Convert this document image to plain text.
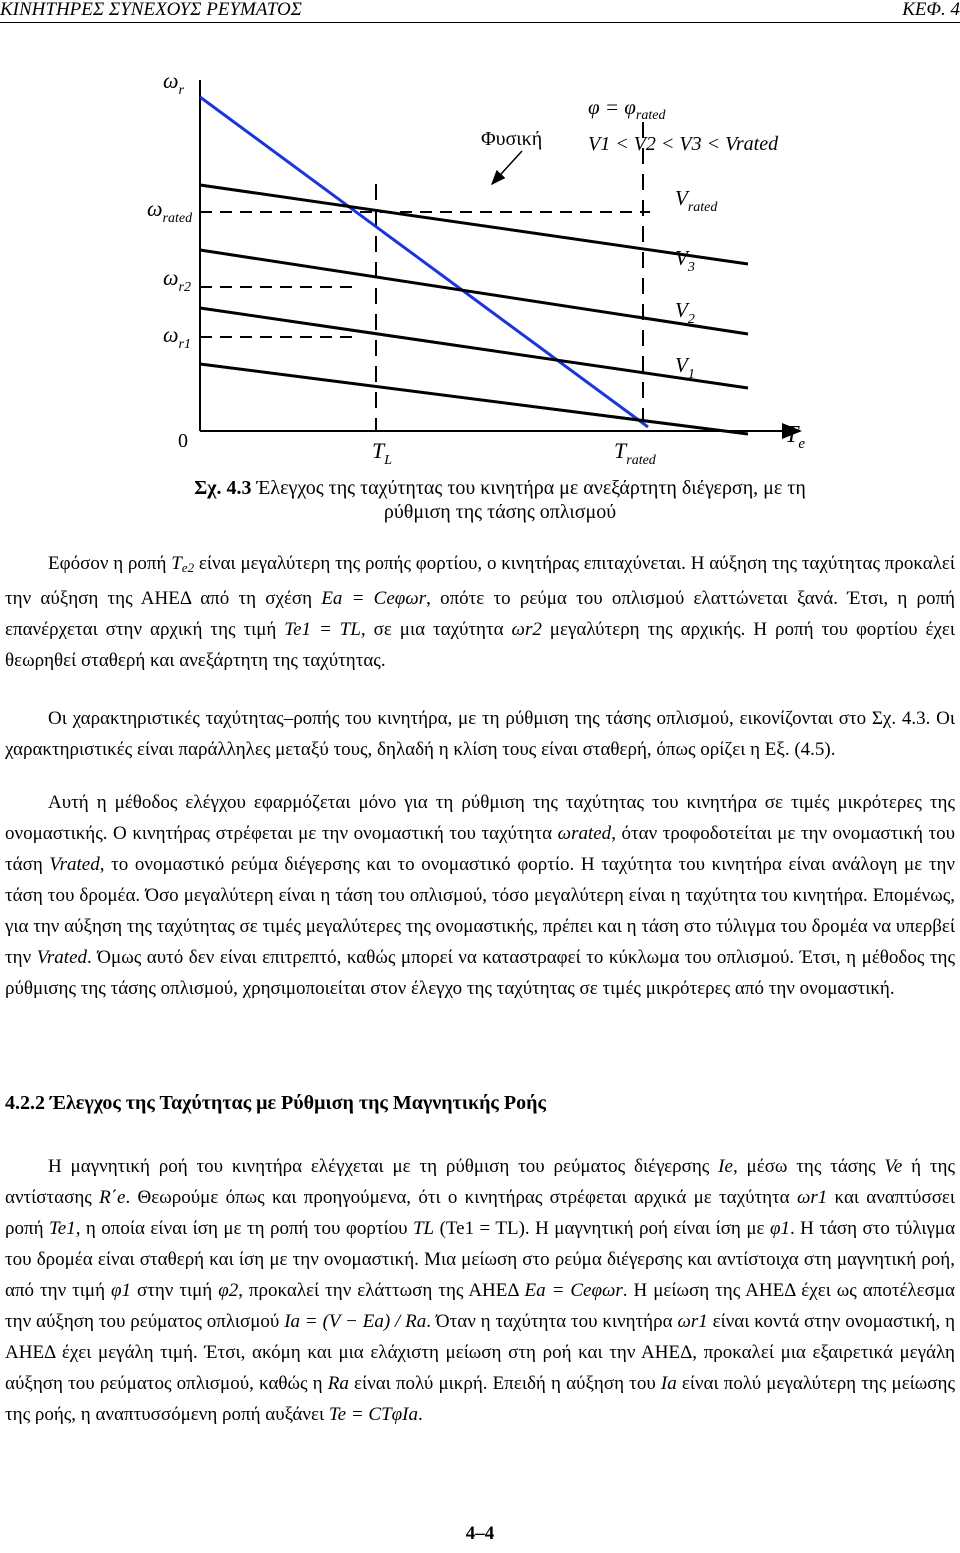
ΚΙΝΗΤΗΡΕΣ ΣΥΝΕΧΟΥΣ ΡΕΥΜΑΤΟΣ	ΚΕΦ. 4
$\omega_r$
$\omega_{rated}$
$\omega_{r2}$
$\omega_{r1}$
0	$T_L$	$T_{rated}$
$T_e$
$\varphi = \varphi_{rated}$
V1 < V2 < V3 < Vrated
Φυσική
$V_{rated}$
$V_3$
$V_2$
$V_1$
Σχ. 4.3 Έλεγχος της ταχύτητας του κινητήρα με ανεξάρτητη διέγερση, με τη ρύθμιση της τάσης οπλισμού

Εφόσον η ροπή $T_{e2}$ είναι μεγαλύτερη της ροπής φορτίου, ο κινητήρας επιταχύνεται. Η αύξηση της ταχύτητας προκαλεί την αύξηση της ΑΗΕΔ από τη σχέση Ea = Ceφωr, οπότε το ρεύμα του οπλισμού ελαττώνεται ξανά. Έτσι, η ροπή επανέρχεται στην αρχική της τιμή Te1 = TL, σε μια ταχύτητα ωr2 μεγαλύτερη της αρχικής. Η ροπή του φορτίου έχει θεωρηθεί σταθερή και ανεξάρτητη της ταχύτητας.

Οι χαρακτηριστικές ταχύτητας–ροπής του κινητήρα, με τη ρύθμιση της τάσης οπλισμού, εικονίζονται στο Σχ. 4.3. Οι χαρακτηριστικές είναι παράλληλες μεταξύ τους, δηλαδή η κλίση τους είναι σταθερή, όπως ορίζει η Εξ. (4.5).

Αυτή η μέθοδος ελέγχου εφαρμόζεται μόνο για τη ρύθμιση της ταχύτητας του κινητήρα σε τιμές μικρότερες της ονομαστικής. Ο κινητήρας στρέφεται με την ονομαστική του ταχύτητα ωrated, όταν τροφοδοτείται με την ονομαστική του τάση Vrated, το ονομαστικό ρεύμα διέγερσης και το ονομαστικό φορτίο. Η ταχύτητα του κινητήρα είναι ανάλογη με την τάση του δρομέα. Όσο μεγαλύτερη είναι η τάση του οπλισμού, τόσο μεγαλύτερη είναι η ταχύτητα του κινητήρα. Επομένως, για την αύξηση της ταχύτητας σε τιμές μεγαλύτερες της ονομαστικής, πρέπει και η τάση στο τύλιγμα του δρομέα να υπερβεί την Vrated. Όμως αυτό δεν είναι επιτρεπτό, καθώς μπορεί να καταστραφεί το κύκλωμα του οπλισμού. Έτσι, η μέθοδος της ρύθμισης της τάσης οπλισμού, χρησιμοποιείται στον έλεγχο της ταχύτητας σε τιμές μικρότερες από την ονομαστική.

4.2.2 Έλεγχος της Ταχύτητας με Ρύθμιση της Μαγνητικής Ροής

Η μαγνητική ροή του κινητήρα ελέγχεται με τη ρύθμιση του ρεύματος διέγερσης Ie, μέσω της τάσης Ve ή της αντίστασης R΄e. Θεωρούμε όπως και προηγούμενα, ότι ο κινητήρας στρέφεται αρχικά με ταχύτητα ωr1 και αναπτύσσει ροπή Te1, η οποία είναι ίση με τη ροπή του φορτίου TL (Te1 = TL). Η μαγνητική ροή είναι ίση με φ1. Η τάση στο τύλιγμα του δρομέα είναι σταθερή και ίση με την ονομαστική. Μια μείωση στο ρεύμα διέγερσης και αντίστοιχα στη μαγνητική ροή, από την τιμή φ1 στην τιμή φ2, προκαλεί την ελάττωση της ΑΗΕΔ Ea = Ceφωr. Η μείωση της ΑΗΕΔ έχει ως αποτέλεσμα την αύξηση του ρεύματος οπλισμού Ia = (V − Ea) / Ra. Όταν η ταχύτητα του κινητήρα ωr1 είναι κοντά στην ονομαστική, η ΑΗΕΔ έχει μεγάλη τιμή. Έτσι, ακόμη και μια ελάχιστη μείωση στη ροή και την ΑΗΕΔ, προκαλεί μια εξαιρετικά μεγάλη αύξηση του ρεύματος οπλισμού, καθώς η Ra είναι πολύ μικρή. Επειδή η αύξηση του Ia είναι πολύ μεγαλύτερη της μείωσης της ροής, η αναπτυσσόμενη ροπή αυξάνει Te = CTφIa.

4–4
